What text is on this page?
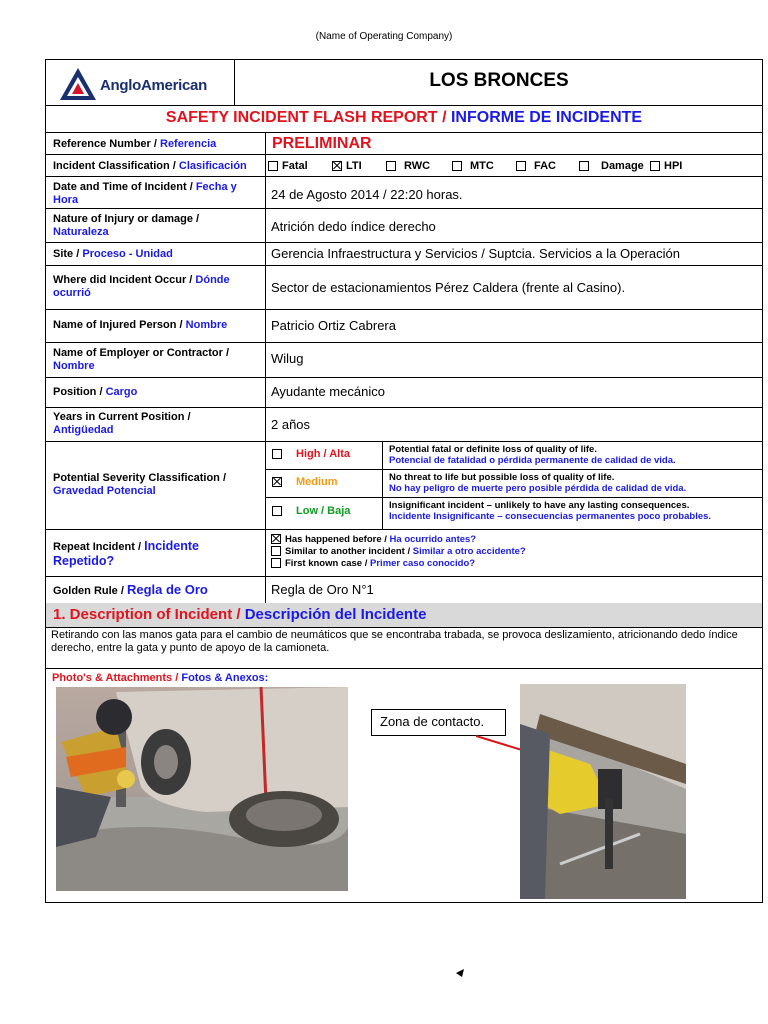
(Name of Operating Company)
AngloAmerican	LOS BRONCES
SAFETY INCIDENT FLASH REPORT / INFORME DE INCIDENTE
Reference Number / Referencia	PRELIMINAR
Incident Classification / Clasificación	Fatal	LTI	RWC	MTC	FAC	Damage HPI
Date and Time of Incident / Fecha y
Hora	24 de Agosto 2014 / 22:20 horas.
Nature of Injury or damage /
Naturaleza	Atrición dedo índice derecho
Site / Proceso - Unidad	Gerencia Infraestructura y Servicios / Suptcia. Servicios a la Operación
Where did Incident Occur / Dónde
ocurrió	Sector de estacionamientos Pérez Caldera (frente al Casino).
Name of Injured Person / Nombre	Patricio Ortiz Cabrera
Name of Employer or Contractor /
Nombre	Wilug
Position / Cargo	Ayudante mecánico
Years in Current Position /
Antigüedad	2 años
Potential Severity Classification /
Gravedad Potencial
High / Alta	Potential fatal or definite loss of quality of life.
Potencial de fatalidad o pérdida permanente de calidad de vida.
Medium	No threat to life but possible loss of quality of life.
No hay peligro de muerte pero posible pérdida de calidad de vida.
Low / Baja	Insignificant incident – unlikely to have any lasting consequences.
Incidente Insignificante – consecuencias permanentes poco probables.
Repeat Incident / Incidente
Repetido?
Has happened before / Ha ocurrido antes?
Similar to another incident / Similar a otro accidente?
First known case / Primer caso conocido?
Golden Rule / Regla de Oro	Regla de Oro N°1
1. Description of Incident / Descripción del Incidente
Retirando con las manos gata para el cambio de neumáticos que se encontraba trabada, se provoca deslizamiento, atricionando dedo índice derecho, entre la gata y punto de apoyo de la camioneta.
Photo's & Attachments / Fotos & Anexos:
Zona de contacto.
